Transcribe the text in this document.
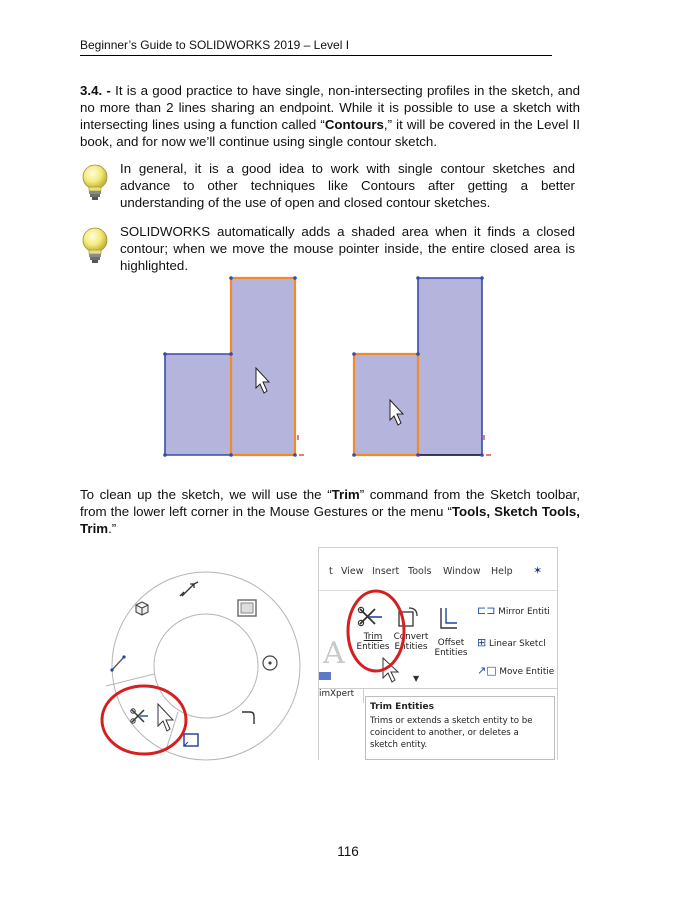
Beginner’s Guide to SOLIDWORKS 2019 – Level I
3.4. - It is a good practice to have single, non-intersecting profiles in the sketch, and no more than 2 lines sharing an endpoint. While it is possible to use a sketch with intersecting lines using a function called “Contours,” it will be covered in the Level II book, and for now we’ll continue using single contour sketch.
In general, it is a good idea to work with single contour sketches and advance to other techniques like Contours after getting a better understanding of the use of open and closed contour sketches.
SOLIDWORKS automatically adds a shaded area when it finds a closed contour; when we move the mouse pointer inside, the entire closed area is highlighted.
To clean up the sketch, we will use the “Trim” command from the Sketch toolbar, from the lower left corner in the Mouse Gestures or the menu “Tools, Sketch Tools, Trim.”
t View Insert Tools Window Help ✶
A	Trim
Entities
Convert
Entities	Offset
Entities
⊏⊐ Mirror Entiti
⊞ Linear Sketcl
↗□ Move Entitie
▼
imXpert
Trim Entities
Trims or extends a sketch entity to be
coincident to another, or deletes a
sketch entity.
116
